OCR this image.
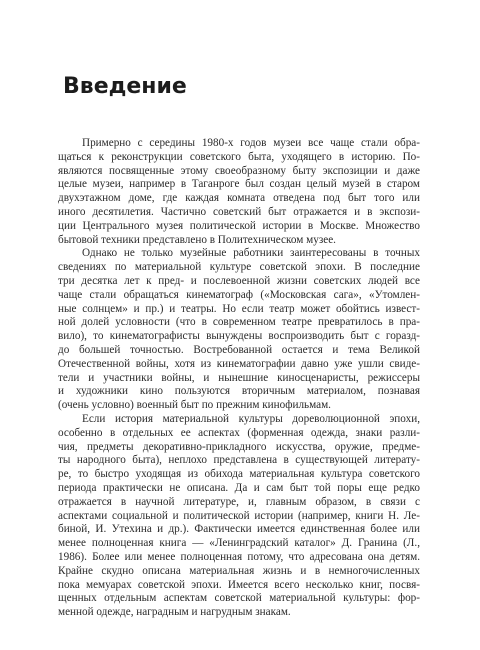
Введение
Примерно с середины 1980-х годов музеи все чаще стали обра-
щаться к реконструкции советского быта, уходящего в историю. По-
являются посвященные этому своеобразному быту экспозиции и даже
целые музеи, например в Таганроге был создан целый музей в старом
двухэтажном доме, где каждая комната отведена под быт того или
иного десятилетия. Частично советский быт отражается и в экспози-
ции Центрального музея политической истории в Москве. Множество
бытовой техники представлено в Политехническом музее.
Однако не только музейные работники заинтересованы в точных
сведениях по материальной культуре советской эпохи. В последние
три десятка лет к пред- и послевоенной жизни советских людей все
чаще стали обращаться кинематограф («Московская сага», «Утомлен-
ные солнцем» и пр.) и театры. Но если театр может обойтись извест-
ной долей условности (что в современном театре превратилось в пра-
вило), то кинематографисты вынуждены воспроизводить быт с горазд-
до большей точностью. Востребованной остается и тема Великой
Отечественной войны, хотя из кинематографии давно уже ушли свиде-
тели и участники войны, и нынешние кинoсценаристы, режиссеры
и художники кино пользуются вторичным материалом, познавая
(очень условно) военный быт по прежним кинофильмам.
Если история материальной культуры дореволюционной эпохи,
особенно в отдельных ее аспектах (форменная одежда, знаки разли-
чия, предметы декоративно-прикладного искусства, оружие, предме-
ты народного быта), неплохо представлена в существующей литерату-
ре, то быстро уходящая из обихода материальная культура советского
периода практически не описана. Да и сам быт той поры еще редко
отражается в научной литературе, и, главным образом, в связи с
аспектами социальной и политической истории (например, книги Н. Ле-
биной, И. Утехина и др.). Фактически имеется единственная более или
менее полноценная книга — «Ленинградский каталог» Д. Гранина (Л.,
1986). Более или менее полноценная потому, что адресована она детям.
Крайне скудно описана материальная жизнь и в немногочисленных
пока мемуарах советской эпохи. Имеется всего несколько книг, посвя-
щенных отдельным аспектам советской материальной культуры: фор-
менной одежде, наградным и нагрудным знакам.
